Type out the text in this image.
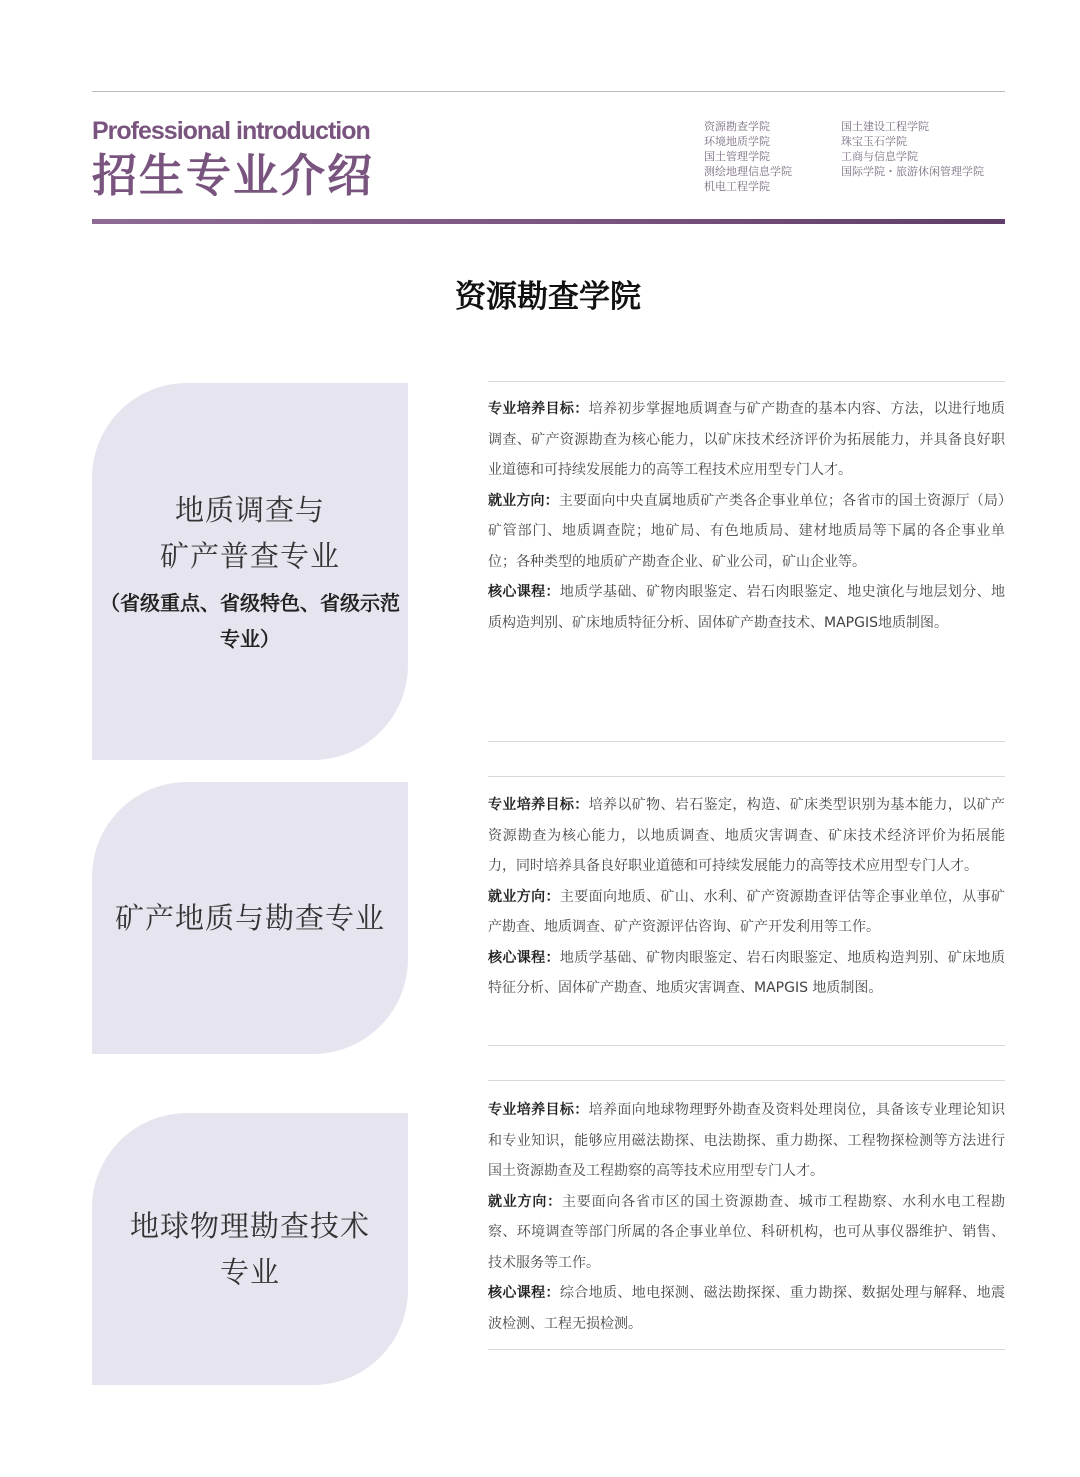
Professional introduction
招生专业介绍
资源勘查学院
环境地质学院
国土管理学院
测绘地理信息学院
机电工程学院
国土建设工程学院
珠宝玉石学院
工商与信息学院
国际学院・旅游休闲管理学院
资源勘查学院
地质调查与
矿产普查专业
（省级重点、省级特色、省级示范专业）

专业培养目标：培养初步掌握地质调查与矿产勘查的基本内容、方法，以进行地质调查、矿产资源勘查为核心能力，以矿床技术经济评价为拓展能力，并具备良好职业道德和可持续发展能力的高等工程技术应用型专门人才。

就业方向：主要面向中央直属地质矿产类各企事业单位；各省市的国土资源厅（局）矿管部门、地质调查院；地矿局、有色地质局、建材地质局等下属的各企事业单位；各种类型的地质矿产勘查企业、矿业公司，矿山企业等。

核心课程：地质学基础、矿物肉眼鉴定、岩石肉眼鉴定、地史演化与地层划分、地质构造判别、矿床地质特征分析、固体矿产勘查技术、MAPGIS地质制图。

矿产地质与勘查专业

专业培养目标：培养以矿物、岩石鉴定，构造、矿床类型识别为基本能力，以矿产资源勘查为核心能力，以地质调查、地质灾害调查、矿床技术经济评价为拓展能力，同时培养具备良好职业道德和可持续发展能力的高等技术应用型专门人才。

就业方向：主要面向地质、矿山、水利、矿产资源勘查评估等企事业单位，从事矿产勘查、地质调查、矿产资源评估咨询、矿产开发利用等工作。

核心课程：地质学基础、矿物肉眼鉴定、岩石肉眼鉴定、地质构造判别、矿床地质特征分析、固体矿产勘查、地质灾害调查、MAPGIS 地质制图。

地球物理勘查技术
专业

专业培养目标：培养面向地球物理野外勘查及资料处理岗位，具备该专业理论知识和专业知识，能够应用磁法勘探、电法勘探、重力勘探、工程物探检测等方法进行国土资源勘查及工程勘察的高等技术应用型专门人才。

就业方向：主要面向各省市区的国土资源勘查、城市工程勘察、水利水电工程勘察、环境调查等部门所属的各企事业单位、科研机构，也可从事仪器维护、销售、技术服务等工作。

核心课程：综合地质、地电探测、磁法勘探探、重力勘探、数据处理与解释、地震波检测、工程无损检测。
